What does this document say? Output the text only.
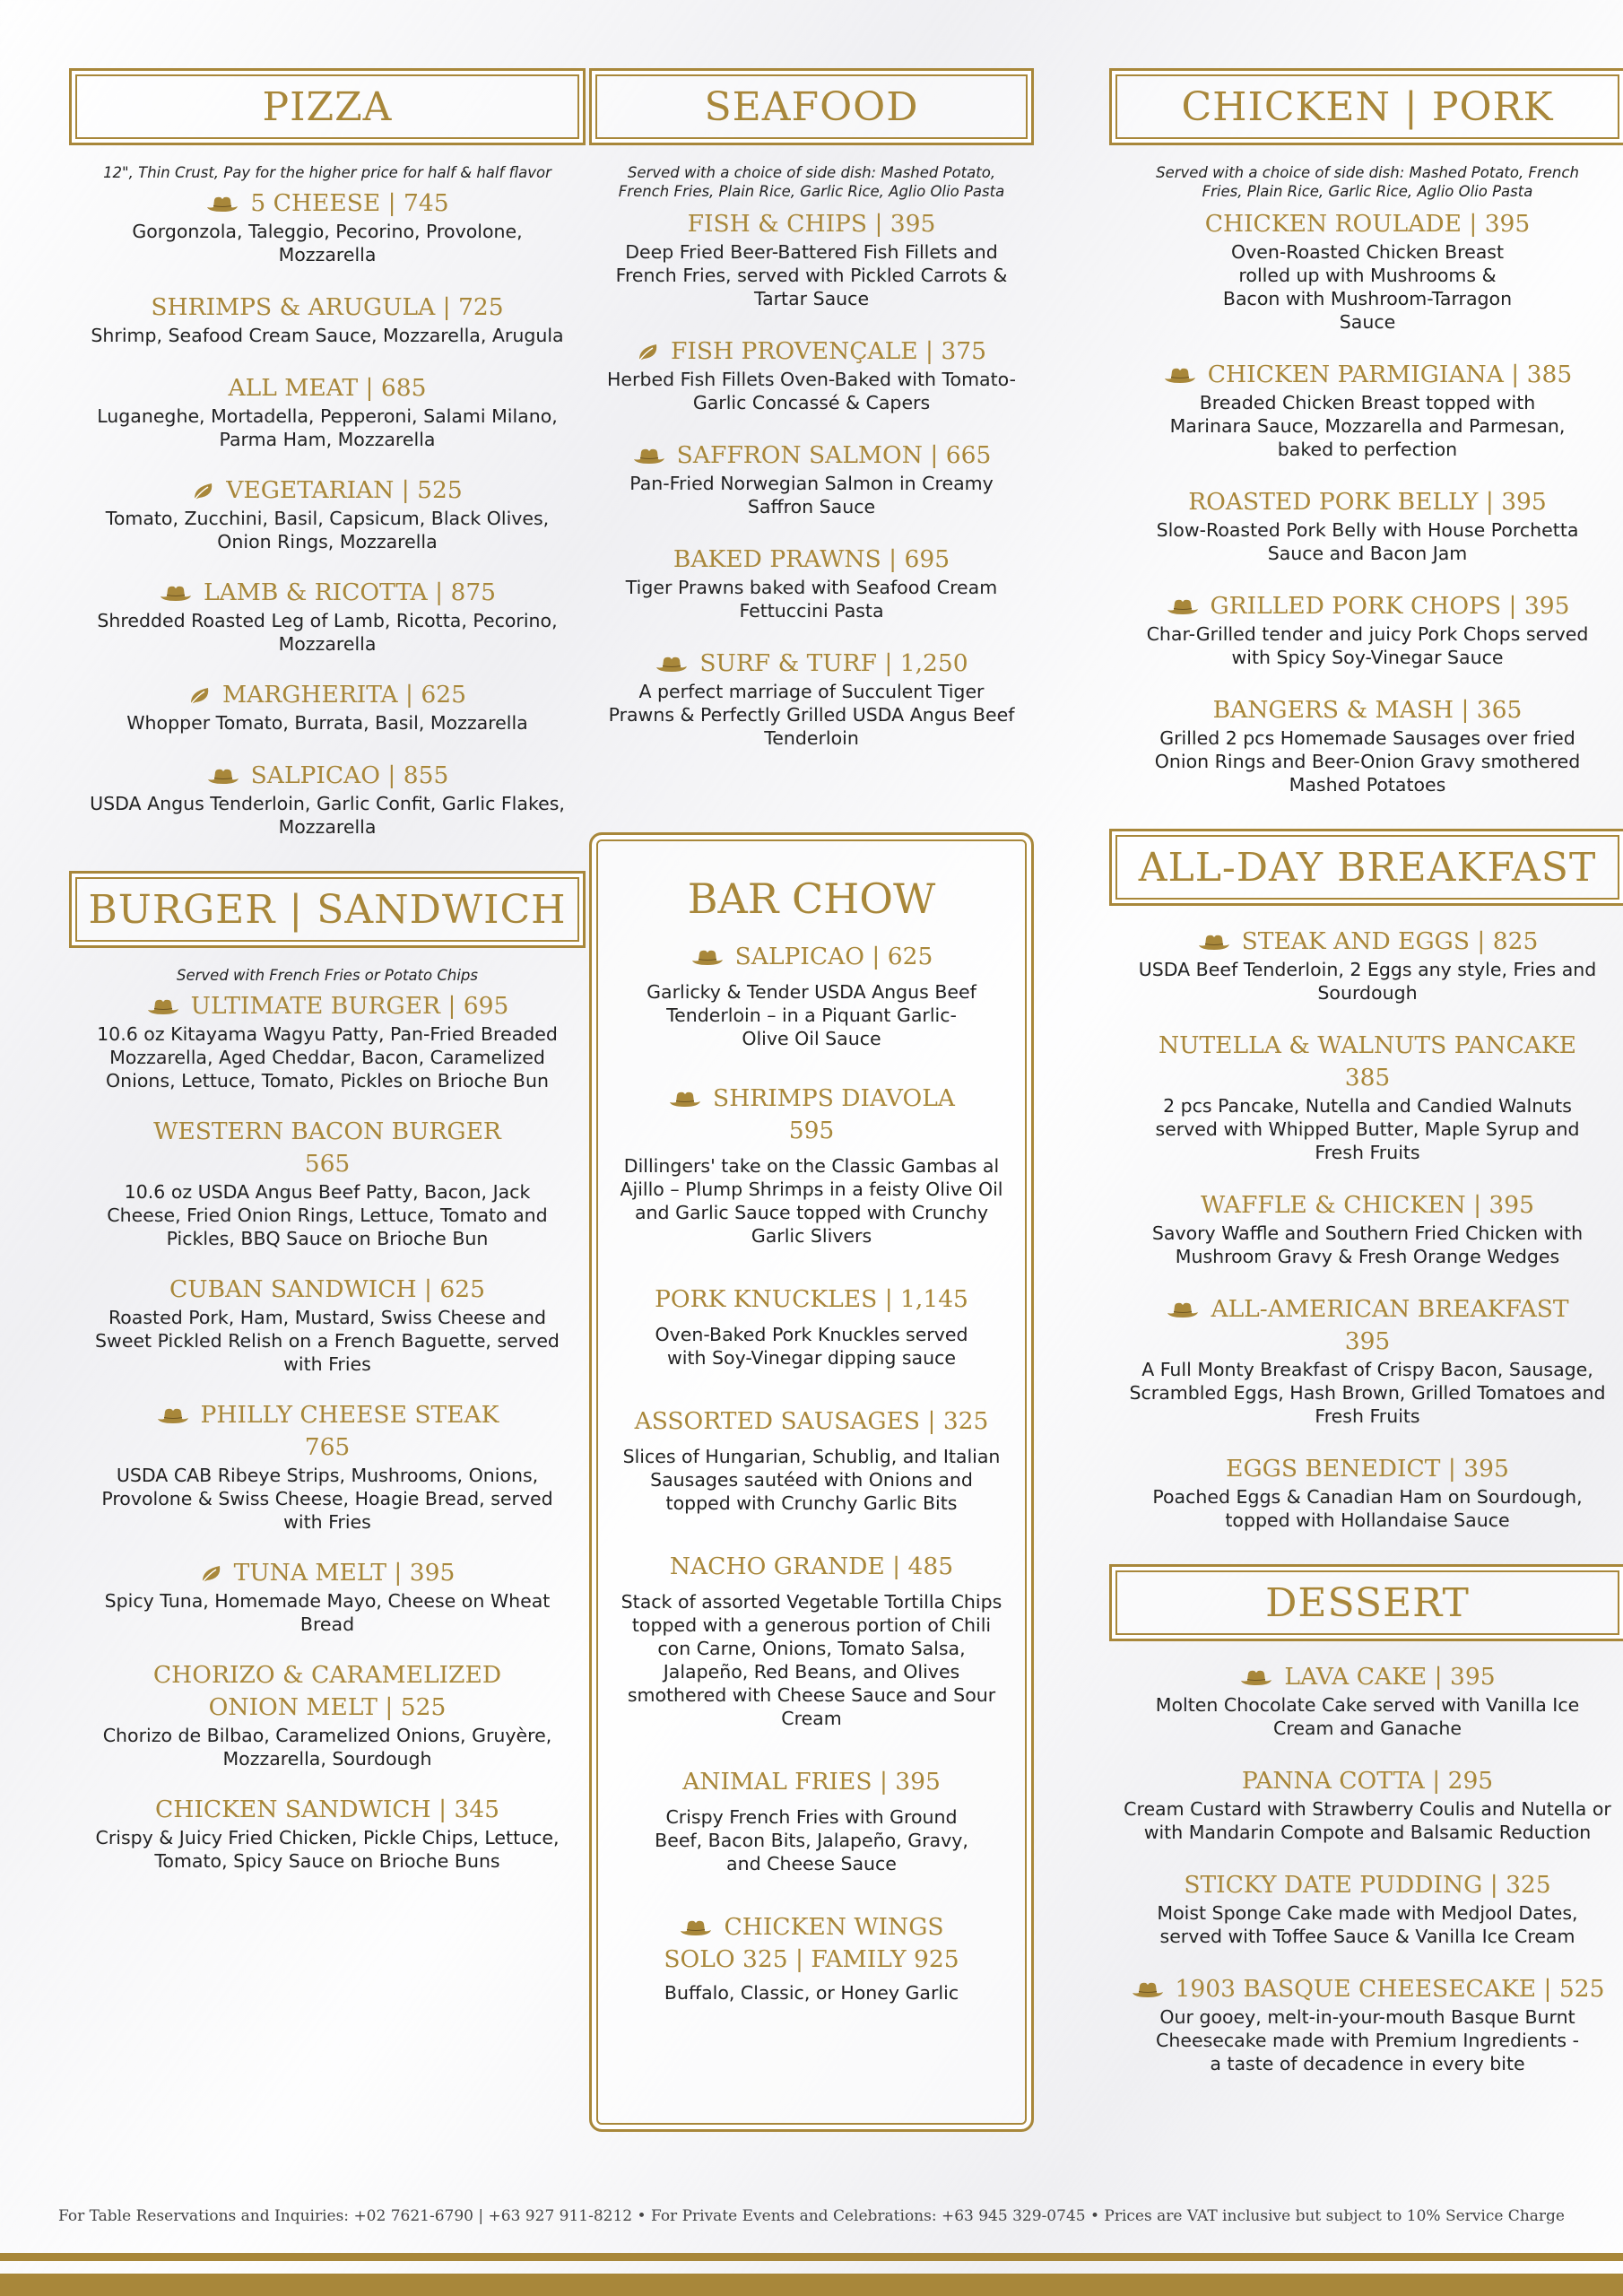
PIZZA
12", Thin Crust, Pay for the higher price for half & half flavor
5 CHEESE | 745
Gorgonzola, Taleggio, Pecorino, Provolone, Mozzarella
SHRIMPS & ARUGULA | 725
Shrimp, Seafood Cream Sauce, Mozzarella, Arugula
ALL MEAT | 685
Luganeghe, Mortadella, Pepperoni, Salami Milano, Parma Ham, Mozzarella
VEGETARIAN | 525
Tomato, Zucchini, Basil, Capsicum, Black Olives, Onion Rings, Mozzarella
LAMB & RICOTTA | 875
Shredded Roasted Leg of Lamb, Ricotta, Pecorino, Mozzarella
MARGHERITA | 625
Whopper Tomato, Burrata, Basil, Mozzarella
SALPICAO | 855
USDA Angus Tenderloin, Garlic Confit, Garlic Flakes, Mozzarella
BURGER | SANDWICH
Served with French Fries or Potato Chips
ULTIMATE BURGER | 695
10.6 oz Kitayama Wagyu Patty, Pan-Fried Breaded Mozzarella, Aged Cheddar, Bacon, Caramelized Onions, Lettuce, Tomato, Pickles on Brioche Bun
WESTERN BACON BURGER
565
10.6 oz USDA Angus Beef Patty, Bacon, Jack Cheese, Fried Onion Rings, Lettuce, Tomato and Pickles, BBQ Sauce on Brioche Bun
CUBAN SANDWICH | 625
Roasted Pork, Ham, Mustard, Swiss Cheese and Sweet Pickled Relish on a French Baguette, served with Fries
PHILLY CHEESE STEAK
765
USDA CAB Ribeye Strips, Mushrooms, Onions, Provolone & Swiss Cheese, Hoagie Bread, served with Fries
TUNA MELT | 395
Spicy Tuna, Homemade Mayo, Cheese on Wheat Bread
CHORIZO & CARAMELIZED
ONION MELT | 525
Chorizo de Bilbao, Caramelized Onions, Gruyère, Mozzarella, Sourdough
CHICKEN SANDWICH | 345
Crispy & Juicy Fried Chicken, Pickle Chips, Lettuce, Tomato, Spicy Sauce on Brioche Buns
SEAFOOD
Served with a choice of side dish: Mashed Potato, French Fries, Plain Rice, Garlic Rice, Aglio Olio Pasta
FISH & CHIPS | 395
Deep Fried Beer-Battered Fish Fillets and French Fries, served with Pickled Carrots & Tartar Sauce
FISH PROVENÇALE | 375
Herbed Fish Fillets Oven-Baked with Tomato-Garlic Concassé & Capers
SAFFRON SALMON | 665
Pan-Fried Norwegian Salmon in Creamy Saffron Sauce
BAKED PRAWNS | 695
Tiger Prawns baked with Seafood Cream Fettuccini Pasta
SURF & TURF | 1,250
A perfect marriage of Succulent Tiger Prawns & Perfectly Grilled USDA Angus Beef Tenderloin
BAR CHOW
SALPICAO | 625
Garlicky & Tender USDA Angus Beef Tenderloin – in a Piquant Garlic-Olive Oil Sauce
SHRIMPS DIAVOLA
595
Dillingers' take on the Classic Gambas al Ajillo – Plump Shrimps in a feisty Olive Oil and Garlic Sauce topped with Crunchy Garlic Slivers
PORK KNUCKLES | 1,145
Oven-Baked Pork Knuckles served with Soy-Vinegar dipping sauce
ASSORTED SAUSAGES | 325
Slices of Hungarian, Schublig, and Italian Sausages sautéed with Onions and topped with Crunchy Garlic Bits
NACHO GRANDE | 485
Stack of assorted Vegetable Tortilla Chips topped with a generous portion of Chili con Carne, Onions, Tomato Salsa, Jalapeño, Red Beans, and Olives smothered with Cheese Sauce and Sour Cream
ANIMAL FRIES | 395
Crispy French Fries with Ground Beef, Bacon Bits, Jalapeño, Gravy, and Cheese Sauce
CHICKEN WINGS
SOLO 325 | FAMILY 925
Buffalo, Classic, or Honey Garlic
CHICKEN | PORK
Served with a choice of side dish: Mashed Potato, French Fries, Plain Rice, Garlic Rice, Aglio Olio Pasta
CHICKEN ROULADE | 395
Oven-Roasted Chicken Breast rolled up with Mushrooms & Bacon with Mushroom-Tarragon Sauce
CHICKEN PARMIGIANA | 385
Breaded Chicken Breast topped with Marinara Sauce, Mozzarella and Parmesan, baked to perfection
ROASTED PORK BELLY | 395
Slow-Roasted Pork Belly with House Porchetta Sauce and Bacon Jam
GRILLED PORK CHOPS | 395
Char-Grilled tender and juicy Pork Chops served with Spicy Soy-Vinegar Sauce
BANGERS & MASH | 365
Grilled 2 pcs Homemade Sausages over fried Onion Rings and Beer-Onion Gravy smothered Mashed Potatoes
ALL-DAY BREAKFAST
STEAK AND EGGS | 825
USDA Beef Tenderloin, 2 Eggs any style, Fries and Sourdough
NUTELLA & WALNUTS PANCAKE
385
2 pcs Pancake, Nutella and Candied Walnuts served with Whipped Butter, Maple Syrup and Fresh Fruits
WAFFLE & CHICKEN | 395
Savory Waffle and Southern Fried Chicken with Mushroom Gravy & Fresh Orange Wedges
ALL-AMERICAN BREAKFAST
395
A Full Monty Breakfast of Crispy Bacon, Sausage, Scrambled Eggs, Hash Brown, Grilled Tomatoes and Fresh Fruits
EGGS BENEDICT | 395
Poached Eggs & Canadian Ham on Sourdough, topped with Hollandaise Sauce
DESSERT
LAVA CAKE | 395
Molten Chocolate Cake served with Vanilla Ice Cream and Ganache
PANNA COTTA | 295
Cream Custard with Strawberry Coulis and Nutella or with Mandarin Compote and Balsamic Reduction
STICKY DATE PUDDING | 325
Moist Sponge Cake made with Medjool Dates, served with Toffee Sauce & Vanilla Ice Cream
1903 BASQUE CHEESECAKE | 525
Our gooey, melt-in-your-mouth Basque Burnt Cheesecake made with Premium Ingredients - a taste of decadence in every bite
For Table Reservations and Inquiries: +02 7621-6790 | +63 927 911-8212 • For Private Events and Celebrations: +63 945 329-0745 • Prices are VAT inclusive but subject to 10% Service Charge
